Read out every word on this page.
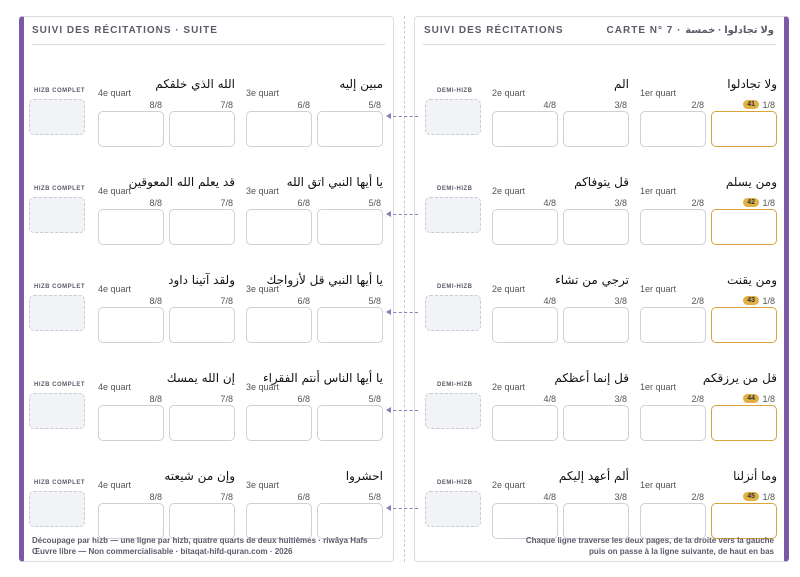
SUIVI DES RÉCITATIONS · SUITE
HIZB COMPLET 4e quart
8/8
الله الذي خلقكم
7/8
3e quart
6/8
مبين إليه
5/8
HIZB COMPLET 4e quart
8/8
قد يعلم الله المعوقين
7/8
3e quart
6/8
يا أيها النبي اتق الله
5/8
HIZB COMPLET 4e quart
8/8
ولقد آتينا داود
7/8
3e quart
6/8
يا أيها النبي قل لأزواجك
5/8
HIZB COMPLET 4e quart
8/8
إن الله يمسك
7/8
3e quart
6/8
يا أيها الناس أنتم الفقراء
5/8
HIZB COMPLET 4e quart
8/8
وإن من شيعته
7/8
3e quart
6/8
احشروا
5/8
Découpage par hizb — une ligne par hizb, quatre quarts de deux huitièmes · riwāya Hafs
Œuvre libre — Non commercialisable · bitaqat-hifd-quran.com · 2026
SUIVI DES RÉCITATIONS	CARTE N° 7 · ولا تجادلوا · خمسة
DEMI-HIZB 2e quart
4/8
الم
3/8
1er quart
2/8
ولا تجادلوا
1/8
41
DEMI-HIZB 2e quart
4/8
قل يتوفاكم
3/8
1er quart
2/8
ومن يسلم
1/8
42
DEMI-HIZB 2e quart
4/8
ترجي من تشاء
3/8
1er quart
2/8
ومن يقنت
1/8
43
DEMI-HIZB 2e quart
4/8
قل إنما أعظكم
3/8
1er quart
2/8
قل من يرزقكم
1/8
44
DEMI-HIZB 2e quart
4/8
ألم أعهد إليكم
3/8
1er quart
2/8
وما أنزلنا
1/8
45
Chaque ligne traverse les deux pages, de la droite vers la gauche
puis on passe à la ligne suivante, de haut en bas
